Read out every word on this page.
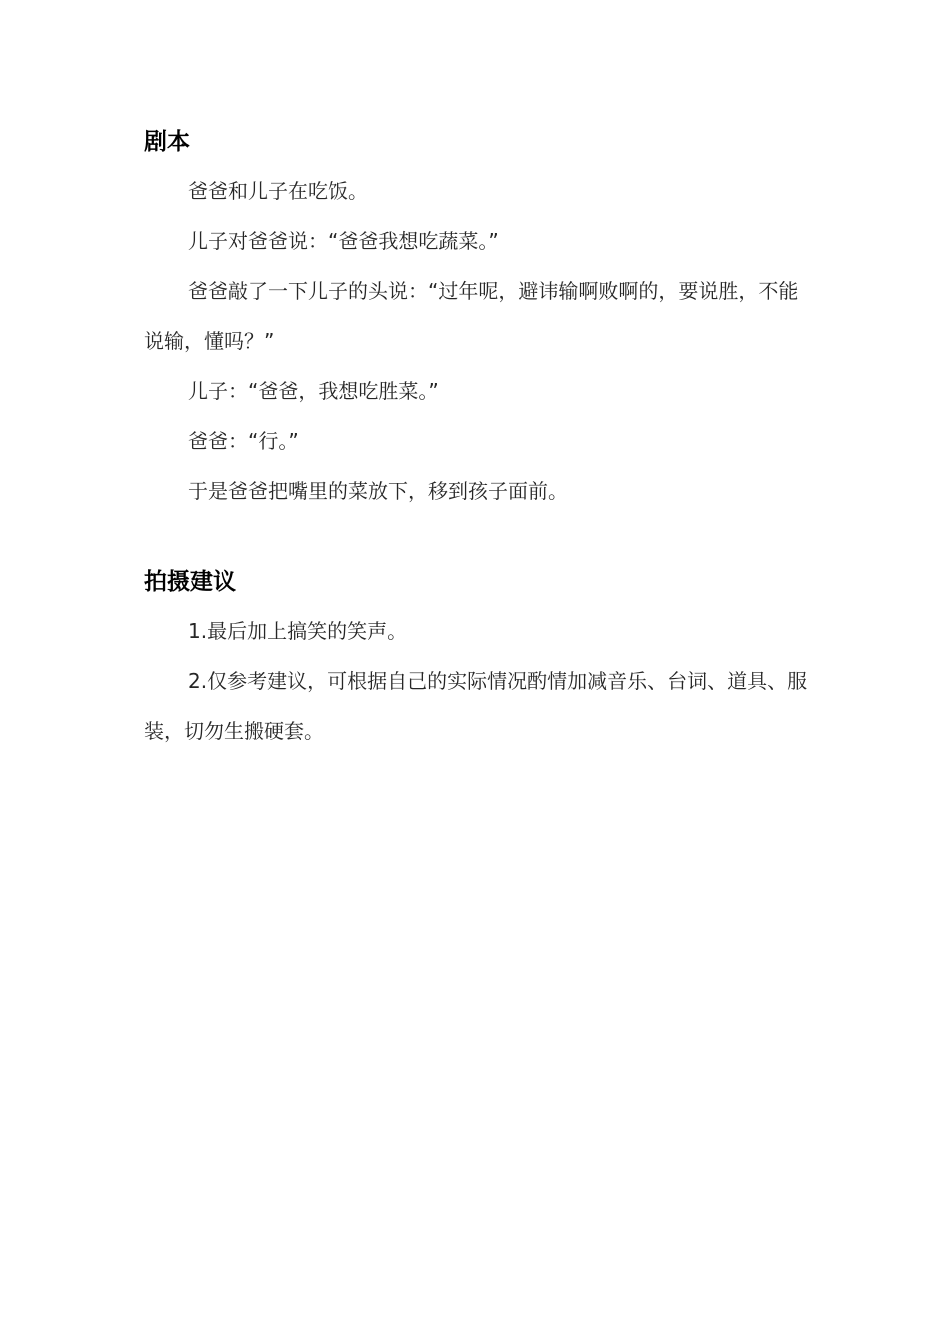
剧本

爸爸和儿子在吃饭。

儿子对爸爸说：“爸爸我想吃蔬菜。”

爸爸敲了一下儿子的头说：“过年呢，避讳输啊败啊的，要说胜，不能说输，懂吗？”

儿子：“爸爸，我想吃胜菜。”

爸爸：“行。”

于是爸爸把嘴里的菜放下，移到孩子面前。

拍摄建议

1.最后加上搞笑的笑声。

2.仅参考建议，可根据自己的实际情况酌情加减音乐、台词、道具、服装，切勿生搬硬套。
